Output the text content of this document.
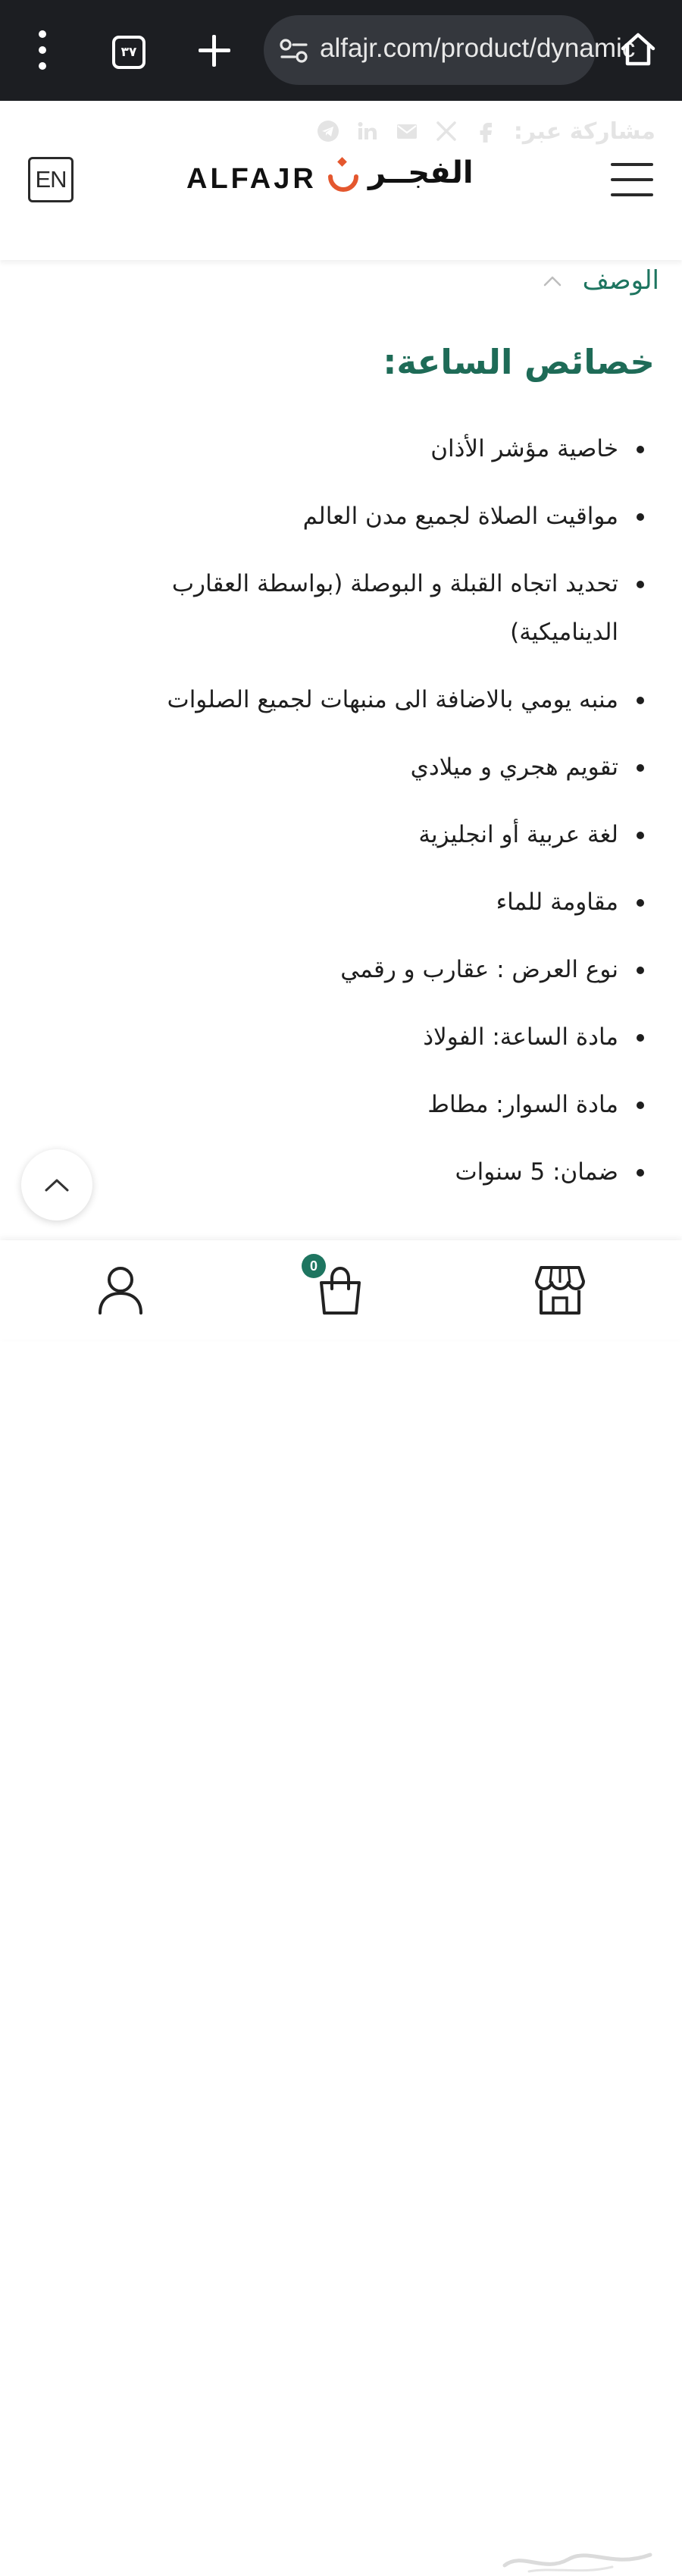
٣٧	alfajr.com/product/dynamic
مشاركة عبر:
EN	ALFAJR الفجــر
الوصف
خصائص الساعة:
خاصية مؤشر الأذان
مواقيت الصلاة لجميع مدن العالم
تحديد اتجاه القبلة و البوصلة (بواسطة العقارب الديناميكية)
منبه يومي بالاضافة الى منبهات لجميع الصلوات
تقويم هجري و ميلادي
لغة عربية أو انجليزية
مقاومة للماء
نوع العرض : عقارب و رقمي
مادة الساعة: الفولاذ
مادة السوار: مطاط
ضمان: 5 سنوات
0
